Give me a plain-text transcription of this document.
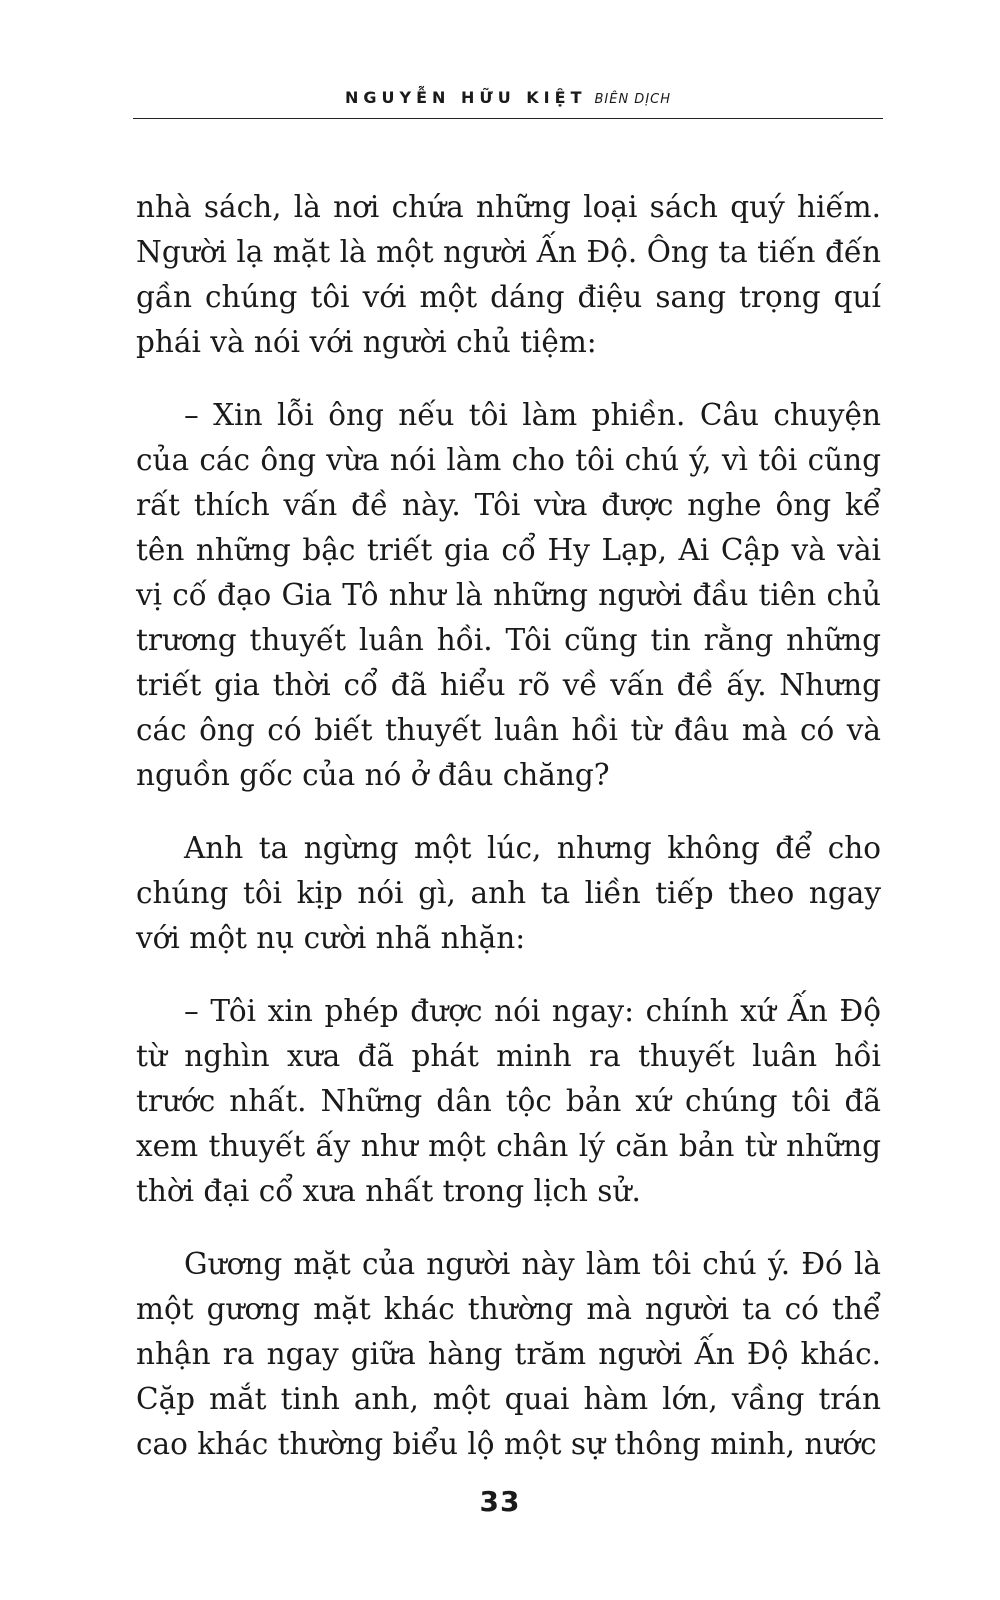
NGUYỄN HỮU KIỆT BIÊN DỊCH

nhà sách, là nơi chứa những loại sách quý hiếm. Người lạ mặt là một người Ấn Độ. Ông ta tiến đến gần chúng tôi với một dáng điệu sang trọng quí phái và nói với người chủ tiệm:

– Xin lỗi ông nếu tôi làm phiền. Câu chuyện của các ông vừa nói làm cho tôi chú ý, vì tôi cũng rất thích vấn đề này. Tôi vừa được nghe ông kể tên những bậc triết gia cổ Hy Lạp, Ai Cập và vài vị cố đạo Gia Tô như là những người đầu tiên chủ trương thuyết luân hồi. Tôi cũng tin rằng những triết gia thời cổ đã hiểu rõ về vấn đề ấy. Nhưng các ông có biết thuyết luân hồi từ đâu mà có và nguồn gốc của nó ở đâu chăng?

Anh ta ngừng một lúc, nhưng không để cho chúng tôi kịp nói gì, anh ta liền tiếp theo ngay với một nụ cười nhã nhặn:

– Tôi xin phép được nói ngay: chính xứ Ấn Độ từ nghìn xưa đã phát minh ra thuyết luân hồi trước nhất. Những dân tộc bản xứ chúng tôi đã xem thuyết ấy như một chân lý căn bản từ những thời đại cổ xưa nhất trong lịch sử.

Gương mặt của người này làm tôi chú ý. Đó là một gương mặt khác thường mà người ta có thể nhận ra ngay giữa hàng trăm người Ấn Độ khác. Cặp mắt tinh anh, một quai hàm lớn, vầng trán cao khác thường biểu lộ một sự thông minh, nước

33
